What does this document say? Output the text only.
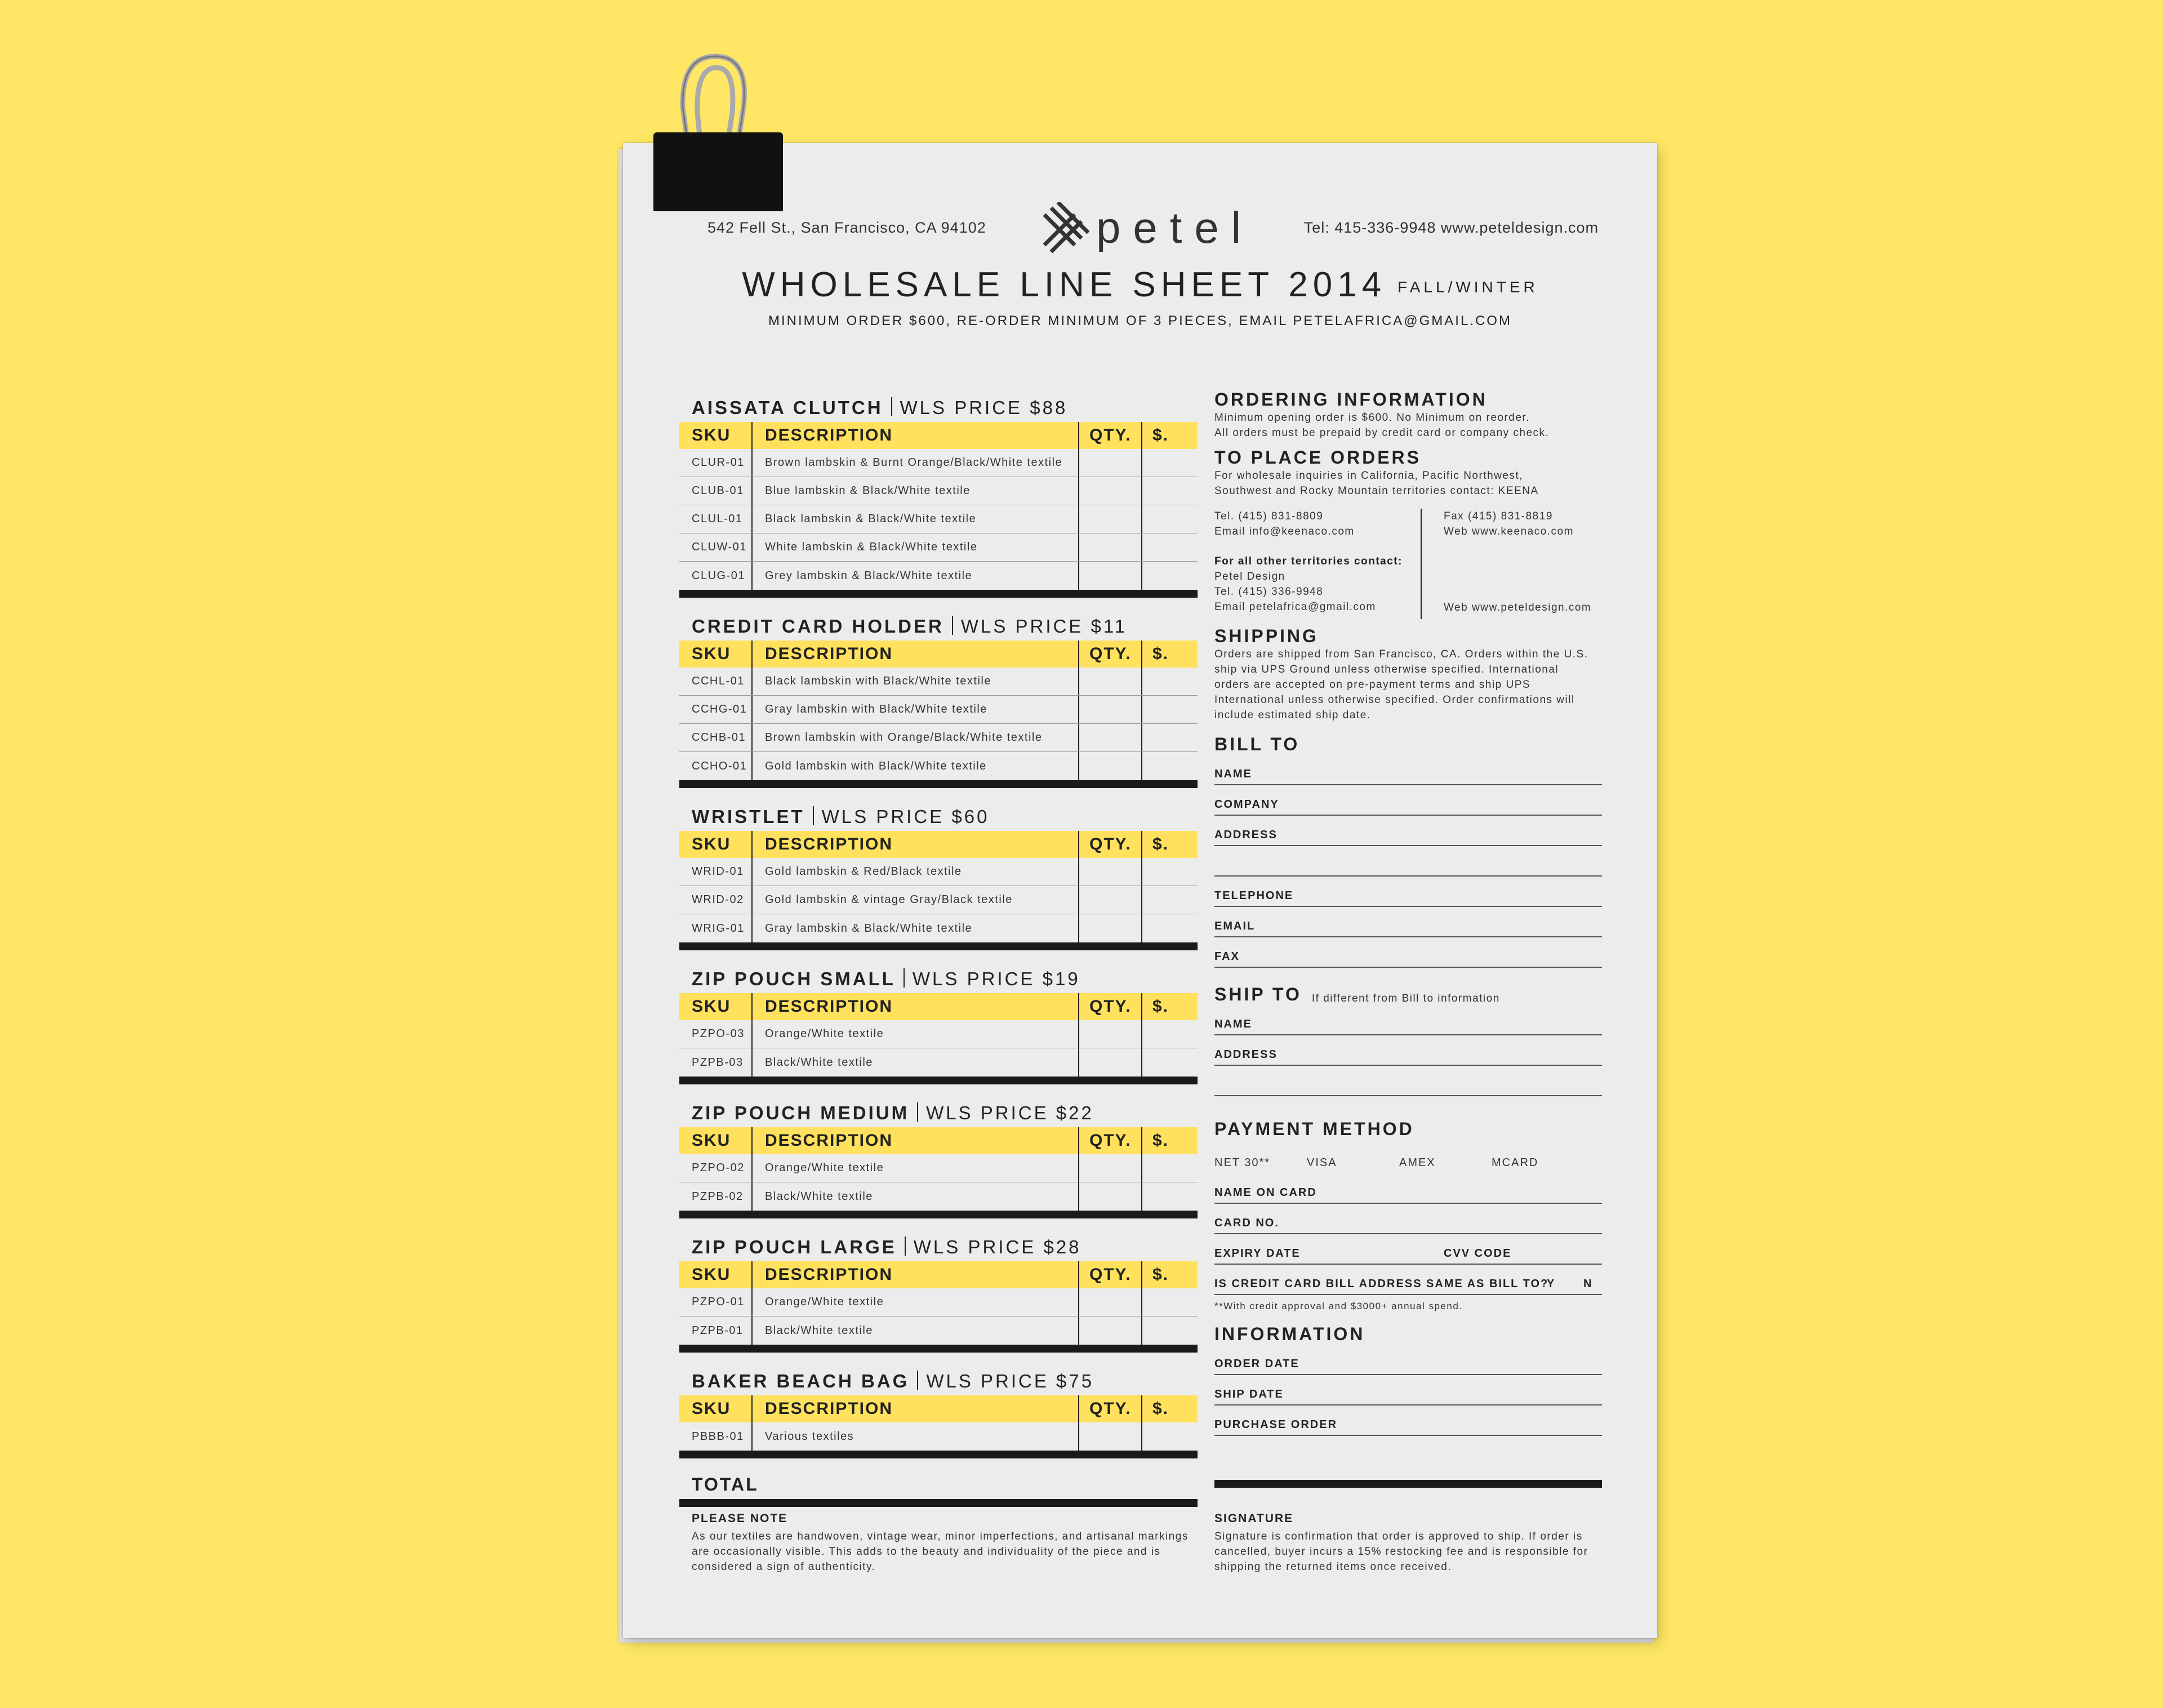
542 Fell St., San Francisco, CA 94102	petel	Tel: 415-336-9948 www.peteldesign.com
WHOLESALE LINE SHEET 2014 FALL/WINTER
MINIMUM ORDER $600, RE-ORDER MINIMUM OF 3 PIECES, EMAIL PETELAFRICA@GMAIL.COM
AISSATA CLUTCH WLS PRICE $88
SKU	DESCRIPTION	QTY.	$.
CLUR-01	Brown lambskin & Burnt Orange/Black/White textile
CLUB-01	Blue lambskin & Black/White textile
CLUL-01	Black lambskin & Black/White textile
CLUW-01	White lambskin & Black/White textile
CLUG-01	Grey lambskin & Black/White textile
CREDIT CARD HOLDER WLS PRICE $11
SKU	DESCRIPTION	QTY.	$.
CCHL-01	Black lambskin with Black/White textile
CCHG-01	Gray lambskin with Black/White textile
CCHB-01	Brown lambskin with Orange/Black/White textile
CCHO-01	Gold lambskin with Black/White textile
WRISTLET WLS PRICE $60
SKU	DESCRIPTION	QTY.	$.
WRID-01	Gold lambskin & Red/Black textile
WRID-02	Gold lambskin & vintage Gray/Black textile
WRIG-01	Gray lambskin & Black/White textile
ZIP POUCH SMALL WLS PRICE $19
SKU	DESCRIPTION	QTY.	$.
PZPO-03	Orange/White textile
PZPB-03	Black/White textile
ZIP POUCH MEDIUM WLS PRICE $22
SKU	DESCRIPTION	QTY.	$.
PZPO-02	Orange/White textile
PZPB-02	Black/White textile
ZIP POUCH LARGE WLS PRICE $28
SKU	DESCRIPTION	QTY.	$.
PZPO-01	Orange/White textile
PZPB-01	Black/White textile
BAKER BEACH BAG WLS PRICE $75
SKU	DESCRIPTION	QTY.	$.
PBBB-01	Various textiles
TOTAL
PLEASE NOTE
As our textiles are handwoven, vintage wear, minor imperfections, and artisanal markings are occasionally visible. This adds to the beauty and individuality of the piece and is considered a sign of authenticity.
ORDERING INFORMATION
Minimum opening order is $600. No Minimum on reorder.
All orders must be prepaid by credit card or company check.
TO PLACE ORDERS
For wholesale inquiries in California, Pacific Northwest, Southwest and Rocky Mountain territories contact: KEENA
Tel. (415) 831-8809
Email info@keenaco.com
For all other territories contact:
Petel Design
Tel. (415) 336-9948
Email petelafrica@gmail.com
Fax (415) 831-8819
Web www.keenaco.com
Web www.peteldesign.com
SHIPPING
Orders are shipped from San Francisco, CA. Orders within the U.S. ship via UPS Ground unless otherwise specified. International orders are accepted on pre-payment terms and ship UPS International unless otherwise specified. Order confirmations will include estimated ship date.
BILL TO
NAME
COMPANY
ADDRESS
TELEPHONE
EMAIL
FAX
SHIP TO If different from Bill to information
NAME
ADDRESS
PAYMENT METHOD
NET 30**	VISA	AMEX	MCARD
NAME ON CARD
CARD NO.
EXPIRY DATE	CVV CODE
IS CREDIT CARD BILL ADDRESS SAME AS BILL TO?
Y N
**With credit approval and $3000+ annual spend.
INFORMATION
ORDER DATE
SHIP DATE
PURCHASE ORDER
SIGNATURE
Signature is confirmation that order is approved to ship. If order is cancelled, buyer incurs a 15% restocking fee and is responsible for shipping the returned items once received.
